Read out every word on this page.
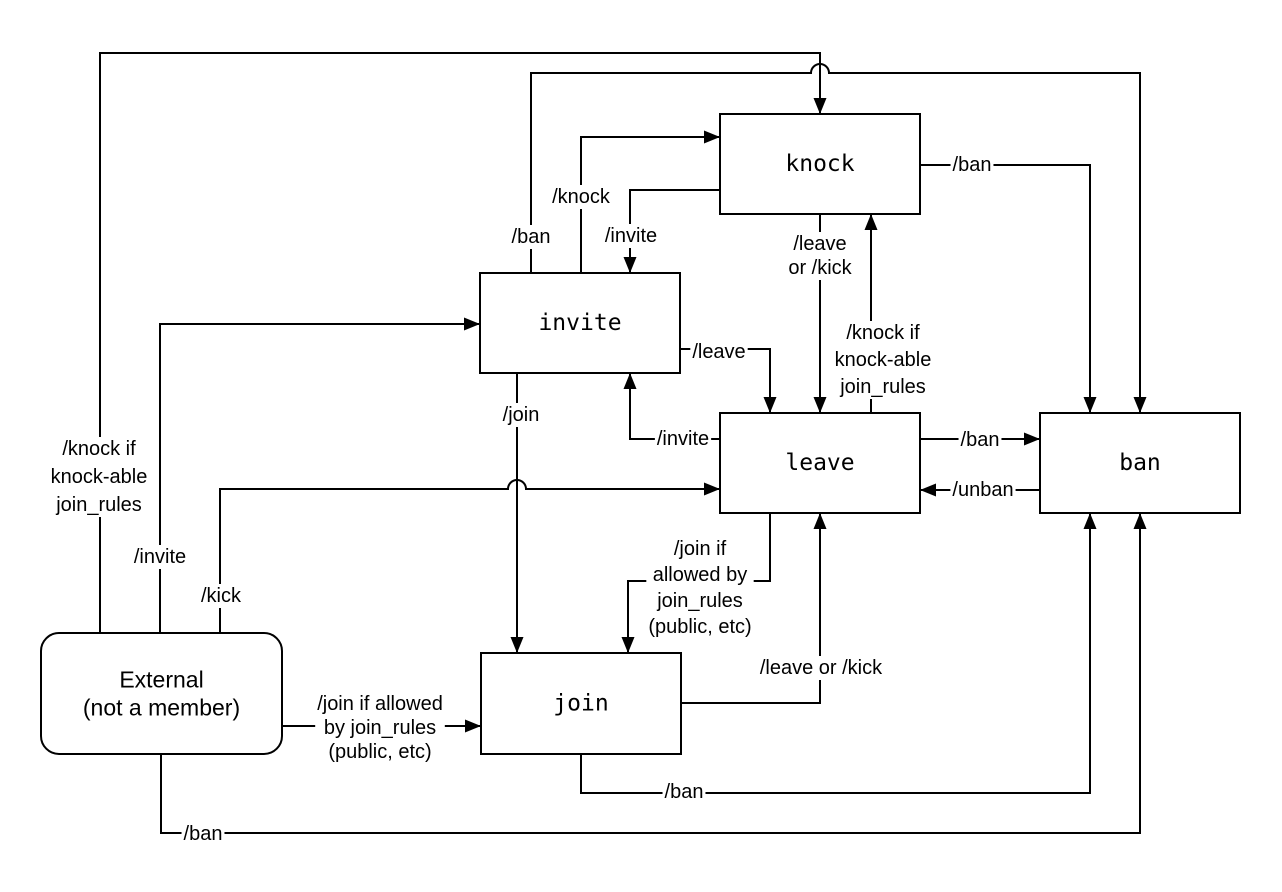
/knock if knock-able join_rules
/ban
/knock
/invite	/leave or /kick
/knock if knock-able join_rules
/leave
/invite
/join
/invite
/kick
/join if allowed by join_rules (public, etc)
/join if allowed by join_rules (public, etc)
/leave or /kick
/ban
/unban
/ban
/ban
/ban
knock
invite
leave	ban
join
External (not a member)
